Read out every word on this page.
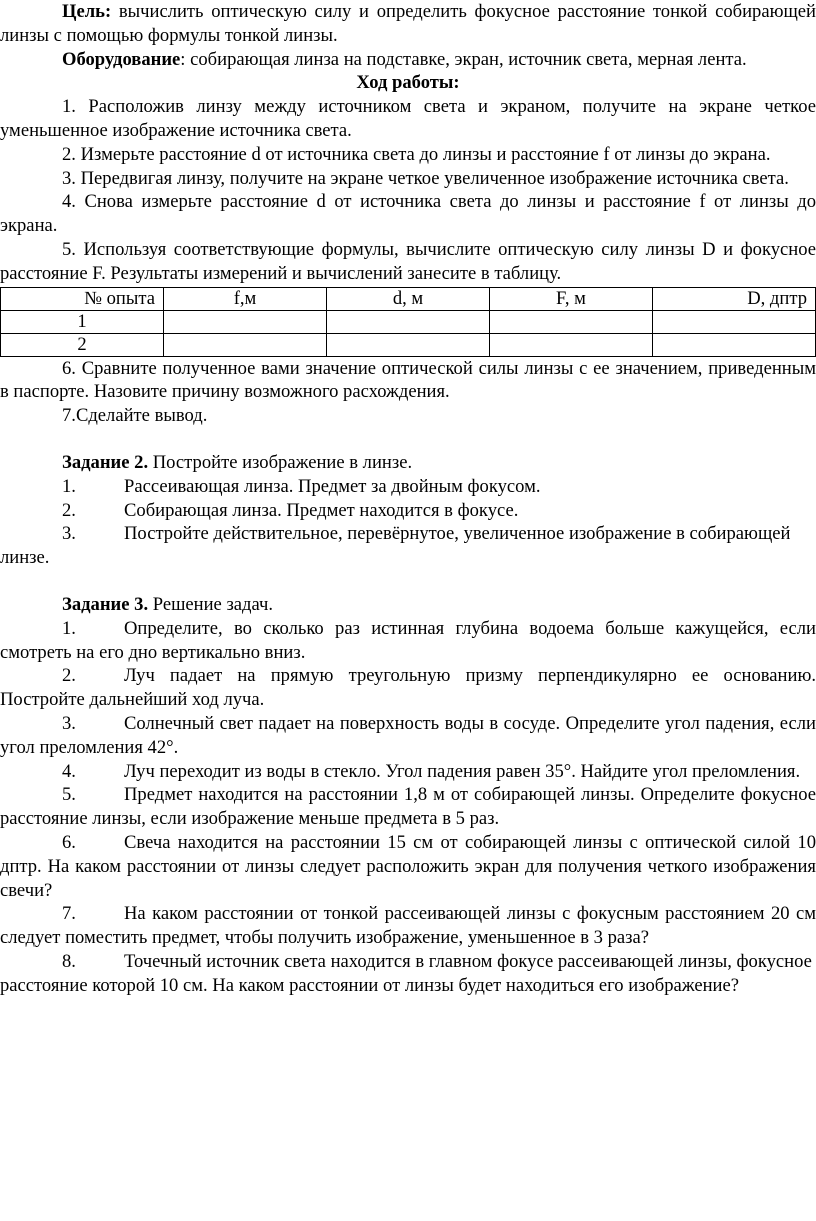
Цель: вычислить оптическую силу и определить фокусное расстояние тонкой собирающей линзы с помощью формулы тонкой линзы.

Оборудование: собирающая линза на подставке, экран, источник света, мерная лента.

Ход работы:

1. Расположив линзу между источником света и экраном, получите на экране четкое уменьшенное изображение источника света.

2. Измерьте расстояние d от источника света до линзы и расстояние f от линзы до экрана.

3. Передвигая линзу, получите на экране четкое увеличенное изображение источника света.

4. Снова измерьте расстояние d от источника света до линзы и расстояние f от линзы до экрана.

5. Используя соответствующие формулы, вычислите оптическую силу линзы D и фокусное расстояние F. Результаты измерений и вычислений занесите в таблицу.

№ опыта	f,м	d, м	F, м	D, дптр
1				
2				

6. Сравните полученное вами значение оптической силы линзы с ее значением, приведенным в паспорте. Назовите причину возможного расхождения.

7.Сделайте вывод.

Задание 2. Постройте изображение в линзе.

1.	Рассеивающая линза. Предмет за двойным фокусом.

2.	Собирающая линза. Предмет находится в фокусе.

3.	Постройте действительное, перевёрнутое, увеличенное изображение в собирающей линзе.

Задание 3. Решение задач.

1.	Определите, во сколько раз истинная глубина водоема больше кажущейся, если смотреть на его дно вертикально вниз.

2.	Луч падает на прямую треугольную призму перпендикулярно ее основанию. Постройте дальнейший ход луча.

3.	Солнечный свет падает на поверхность воды в сосуде. Определите угол падения, если угол преломления 42°.

4.	Луч переходит из воды в стекло. Угол падения равен 35°. Найдите угол преломления.

5.	Предмет находится на расстоянии 1,8 м от собирающей линзы. Определите фокусное расстояние линзы, если изображение меньше предмета в 5 раз.

6.	Свеча находится на расстоянии 15 см от собирающей линзы с оптической силой 10 дптр. На каком расстоянии от линзы следует расположить экран для получения четкого изображения свечи?

7.	На каком расстоянии от тонкой рассеивающей линзы с фокусным расстоянием 20 см следует поместить предмет, чтобы получить изображение, уменьшенное в 3 раза?

8.	Точечный источник света находится в главном фокусе рассеивающей линзы, фокусное расстояние которой 10 см. На каком расстоянии от линзы будет находиться его изображение?
